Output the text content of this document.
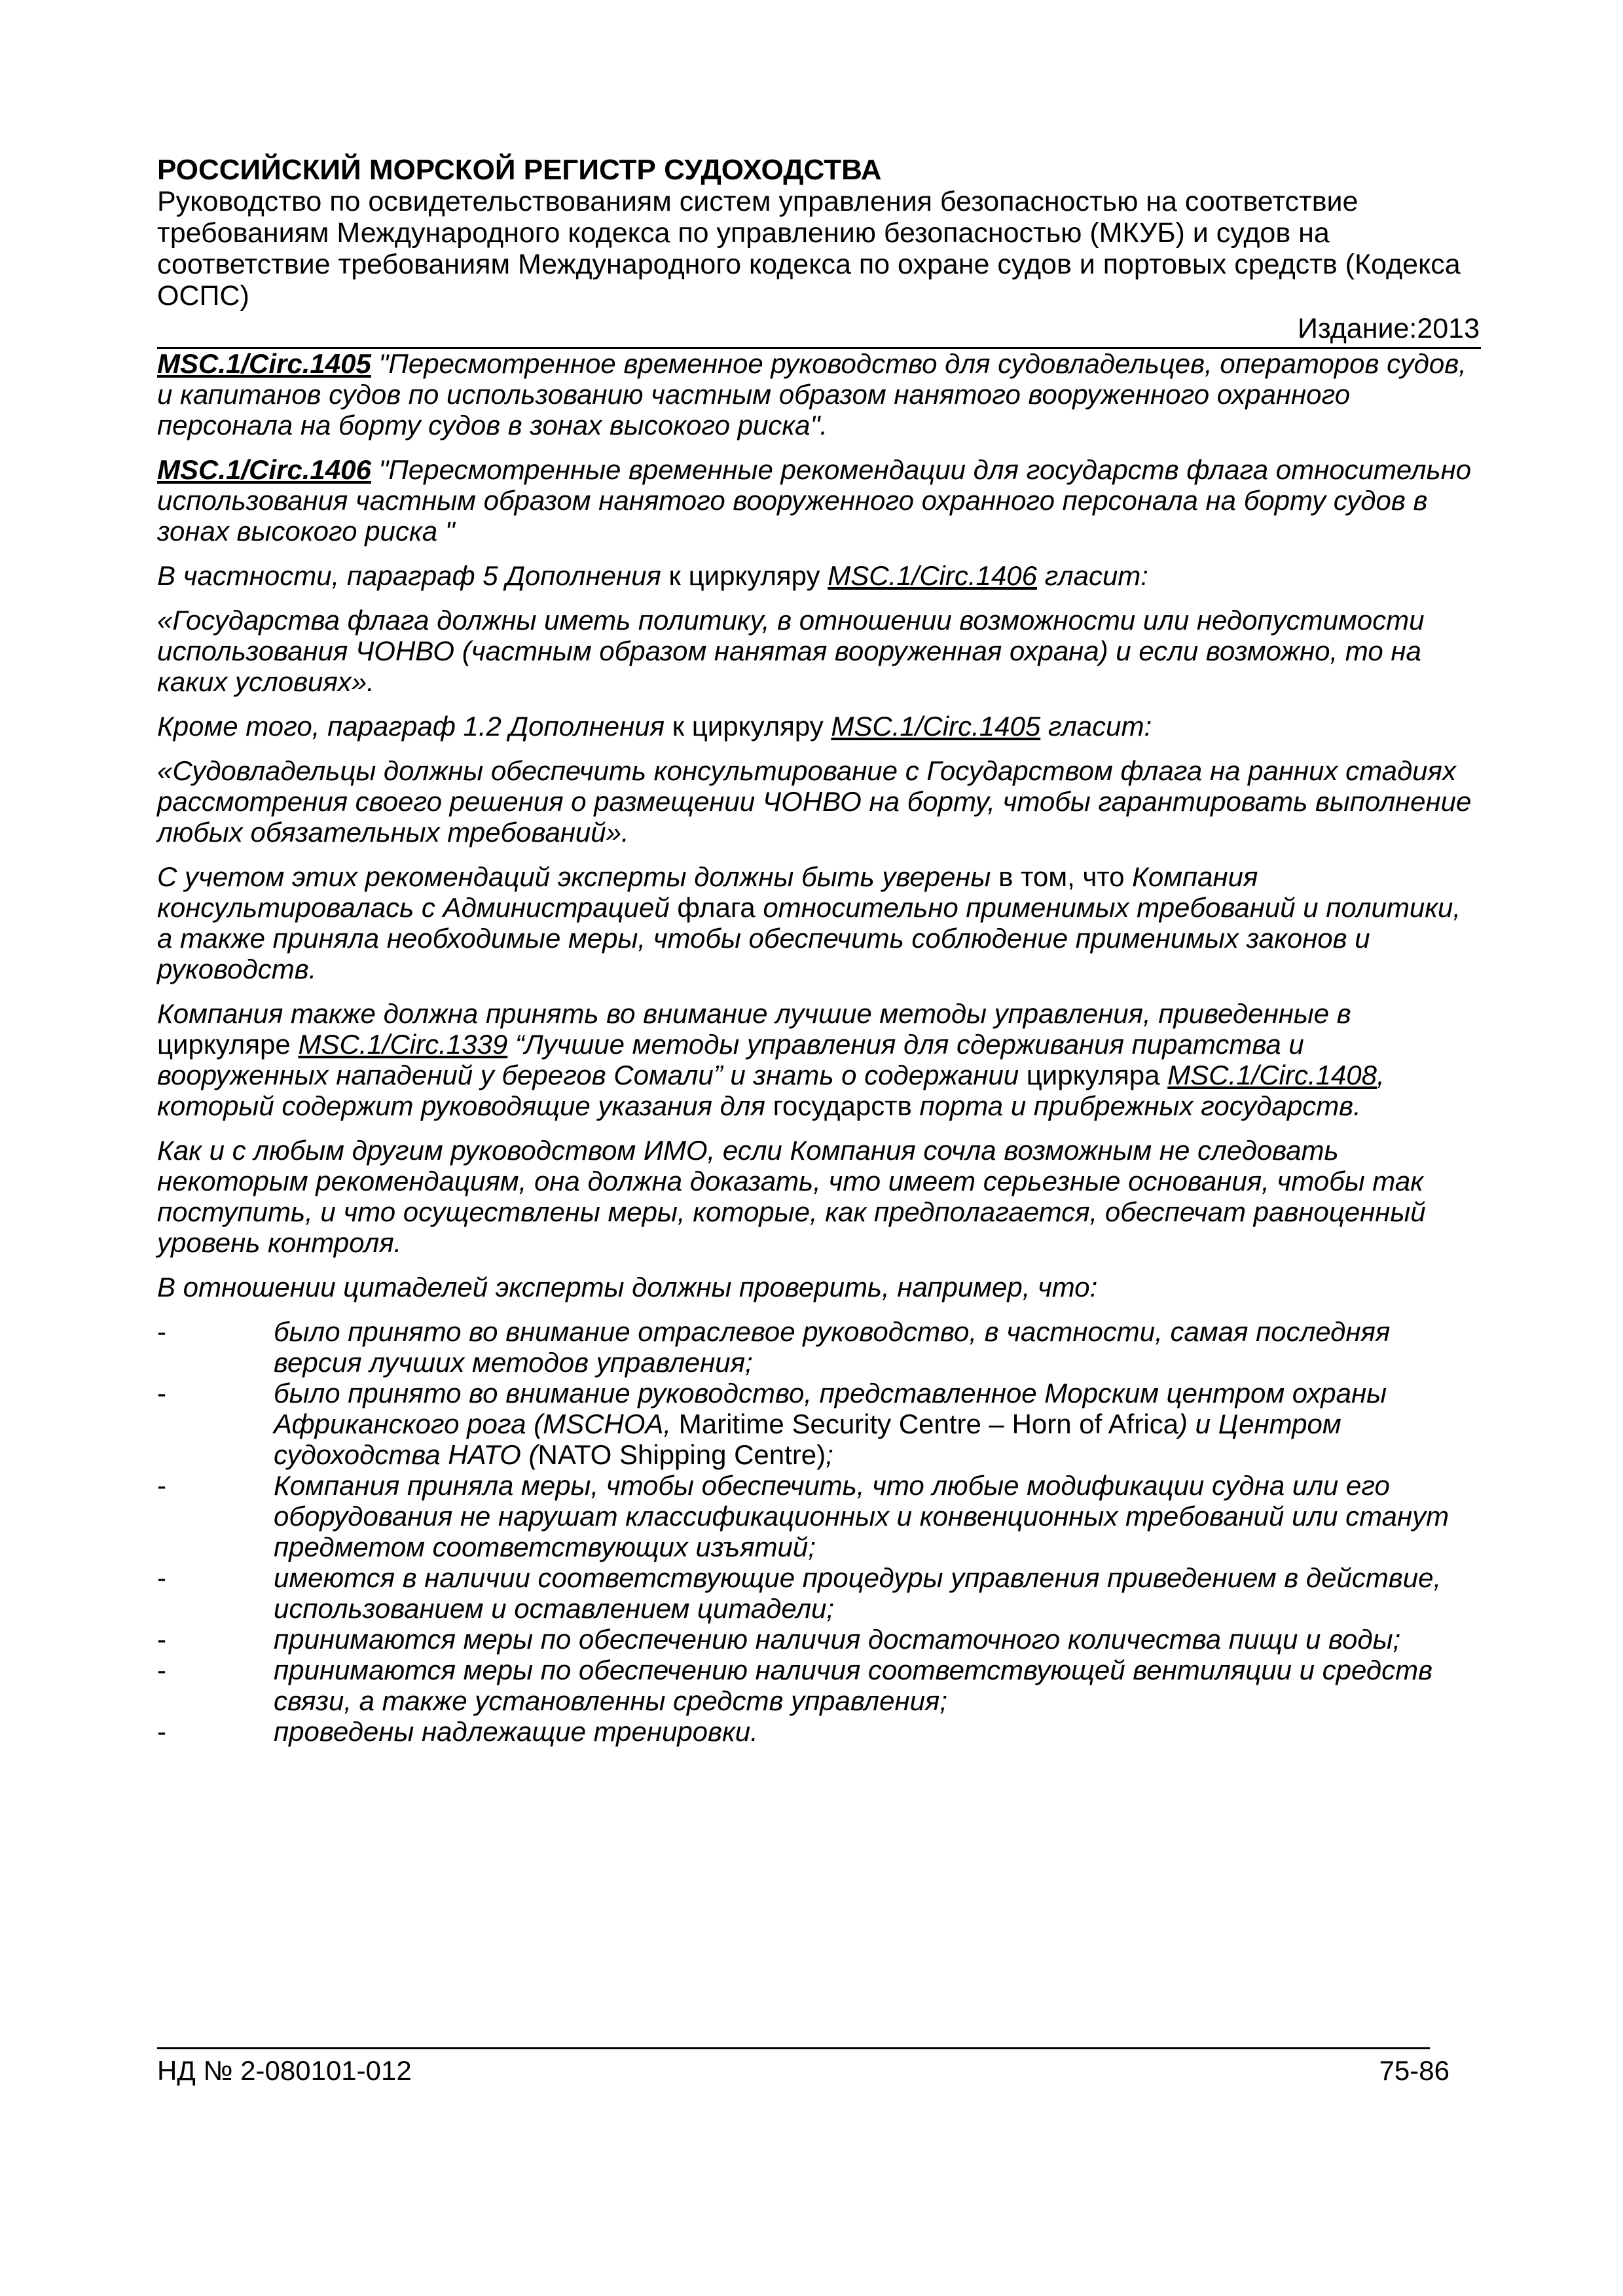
РОССИЙСКИЙ МОРСКОЙ РЕГИСТР СУДОХОДСТВА
Руководство по освидетельствованиям систем управления безопасностью на соответствие требованиям Международного кодекса по управлению безопасностью (МКУБ) и судов на соответствие требованиям Международного кодекса по охране судов и портовых средств (Кодекса ОСПС)
Издание:2013

MSC.1/Circ.1405 "Пересмотренное временное руководство для судовладельцев, операторов судов, и капитанов судов по использованию частным образом нанятого вооруженного охранного персонала на борту судов в зонах высокого риска".

MSC.1/Circ.1406 "Пересмотренные временные рекомендации для государств флага относительно использования частным образом нанятого вооруженного охранного персонала на борту судов в зонах высокого риска "

В частности, параграф 5 Дополнения к циркуляру MSC.1/Circ.1406 гласит:

«Государства флага должны иметь политику, в отношении возможности или недопустимости использования ЧОНВО (частным образом нанятая вооруженная охрана) и если возможно, то на каких условиях».

Кроме того, параграф 1.2 Дополнения к циркуляру MSC.1/Circ.1405 гласит:

«Судовладельцы должны обеспечить консультирование с Государством флага на ранних стадиях рассмотрения своего решения о размещении ЧОНВО на борту, чтобы гарантировать выполнение любых обязательных требований».

С учетом этих рекомендаций эксперты должны быть уверены в том, что Компания консультировалась с Администрацией флага относительно применимых требований и политики, а также приняла необходимые меры, чтобы обеспечить соблюдение применимых законов и руководств.

Компания также должна принять во внимание лучшие методы управления, приведенные в циркуляре MSC.1/Circ.1339 “Лучшие методы управления для сдерживания пиратства и вооруженных нападений у берегов Сомали” и знать о содержании циркуляра MSC.1/Circ.1408, который содержит руководящие указания для государств порта и прибрежных государств.

Как и с любым другим руководством ИМО, если Компания сочла возможным не следовать некоторым рекомендациям, она должна доказать, что имеет серьезные основания, чтобы так поступить, и что осуществлены меры, которые, как предполагается, обеспечат равноценный уровень контроля.

В отношении цитаделей эксперты должны проверить, например, что:

-	было принято во внимание отраслевое руководство, в частности, самая последняя версия лучших методов управления;
-	было принято во внимание руководство, представленное Морским центром охраны Африканского рога (MSCHOA, Maritime Security Centre – Horn of Africa) и Центром судоходства НАТО (NATO Shipping Centre);
-	Компания приняла меры, чтобы обеспечить, что любые модификации судна или его оборудования не нарушат классификационных и конвенционных требований или станут предметом соответствующих изъятий;
-	имеются в наличии соответствующие процедуры управления приведением в действие, использованием и оставлением цитадели;
-	принимаются меры по обеспечению наличия достаточного количества пищи и воды;
-	принимаются меры по обеспечению наличия соответствующей вентиляции и средств связи, а также установленны средств управления;
-	проведены надлежащие тренировки.
НД № 2-080101-012	75-86
